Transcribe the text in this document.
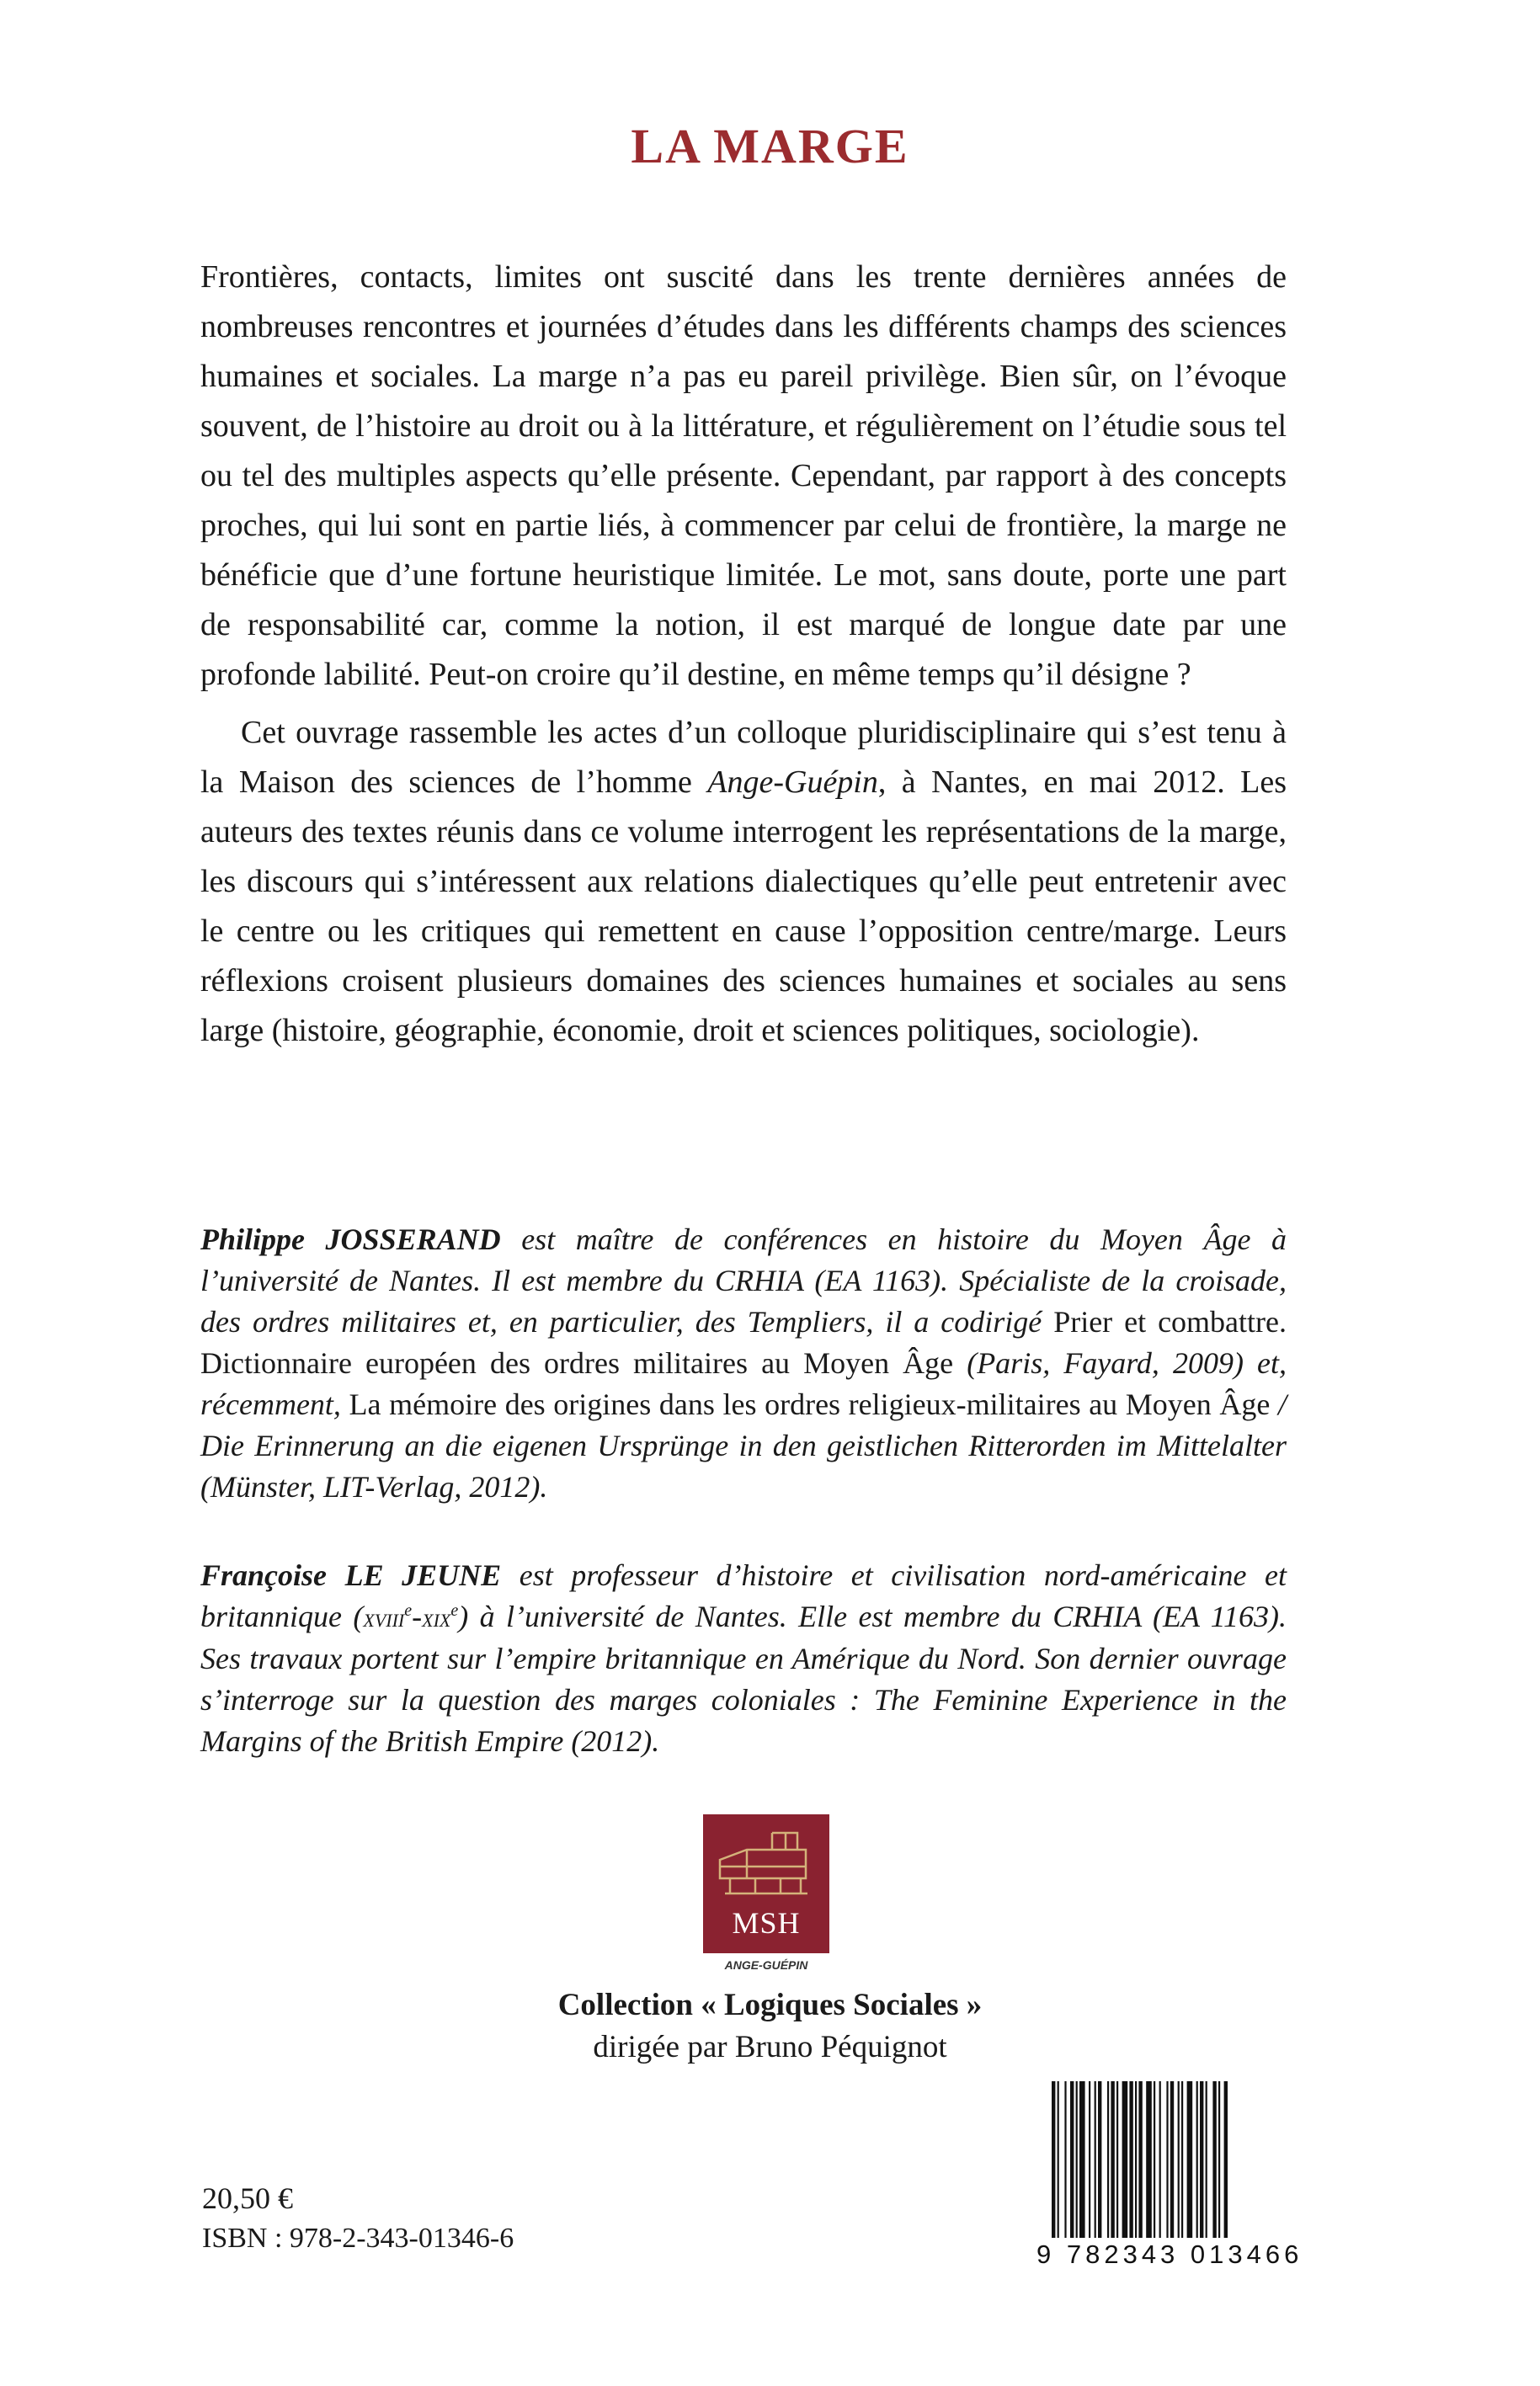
LA MARGE

Frontières, contacts, limites ont suscité dans les trente dernières années de nombreuses rencontres et journées d’études dans les différents champs des sciences humaines et sociales. La marge n’a pas eu pareil privilège. Bien sûr, on l’évoque souvent, de l’histoire au droit ou à la littérature, et régulièrement on l’étudie sous tel ou tel des multiples aspects qu’elle présente. Cependant, par rapport à des concepts proches, qui lui sont en partie liés, à commencer par celui de frontière, la marge ne bénéficie que d’une fortune heuristique limitée. Le mot, sans doute, porte une part de responsabilité car, comme la notion, il est marqué de longue date par une profonde labilité. Peut-on croire qu’il destine, en même temps qu’il désigne ?

Cet ouvrage rassemble les actes d’un colloque pluridisciplinaire qui s’est tenu à la Maison des sciences de l’homme Ange-Guépin, à Nantes, en mai 2012. Les auteurs des textes réunis dans ce volume interrogent les représentations de la marge, les discours qui s’intéressent aux relations dialectiques qu’elle peut entretenir avec le centre ou les critiques qui remettent en cause l’opposition centre/marge. Leurs réflexions croisent plusieurs domaines des sciences humaines et sociales au sens large (histoire, géographie, économie, droit et sciences politiques, sociologie).

Philippe JOSSERAND est maître de conférences en histoire du Moyen Âge à l’université de Nantes. Il est membre du CRHIA (EA 1163). Spécialiste de la croisade, des ordres militaires et, en particulier, des Templiers, il a codirigé Prier et combattre. Dictionnaire européen des ordres militaires au Moyen Âge (Paris, Fayard, 2009) et, récemment, La mémoire des origines dans les ordres religieux-militaires au Moyen Âge / Die Erinnerung an die eigenen Ursprünge in den geistlichen Ritterorden im Mittelalter (Münster, LIT-Verlag, 2012).
Françoise LE JEUNE est professeur d’histoire et civilisation nord-américaine et britannique (xviii$^e$-xix$^e$) à l’université de Nantes. Elle est membre du CRHIA (EA 1163). Ses travaux portent sur l’empire britannique en Amérique du Nord. Son dernier ouvrage s’interroge sur la question des marges coloniales : The Feminine Experience in the Margins of the British Empire (2012).
MSH
ANGE-GUÉPIN
Collection « Logiques Sociales »
dirigée par Bruno Péquignot
20,50 €
ISBN : 978-2-343-01346-6
9 782343 013466
